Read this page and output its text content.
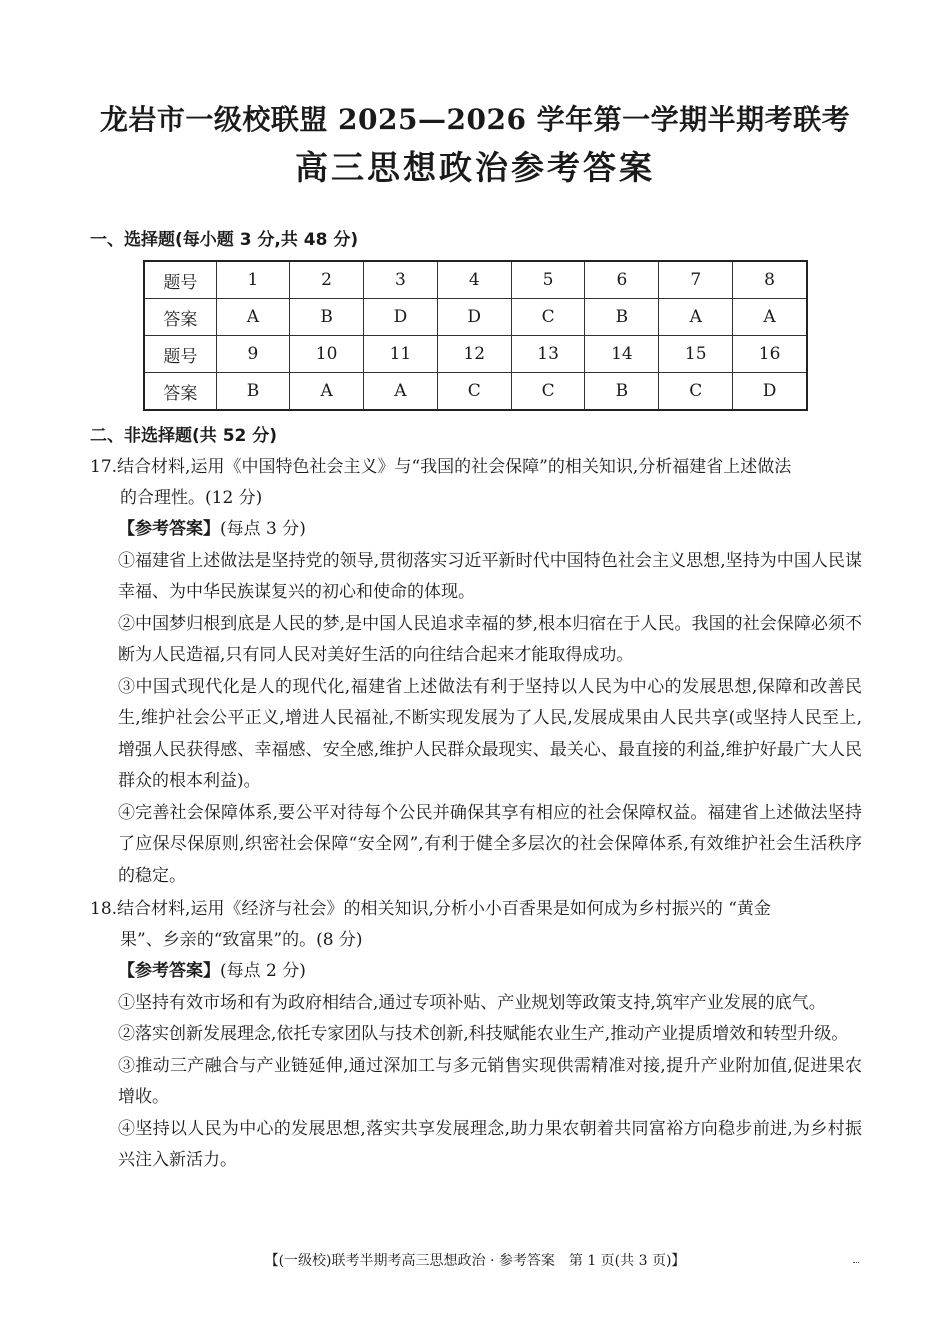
龙岩市一级校联盟 2025—2026 学年第一学期半期考联考
高三思想政治参考答案
一、选择题(每小题 3 分,共 48 分)
题号	1	2	3	4	5	6	7	8
答案	A	B	D	D	C	B	A	A
题号	9	10	11	12	13	14	15	16
答案	B	A	A	C	C	B	C	D
二、非选择题(共 52 分)
17.结合材料,运用《中国特色社会主义》与“我国的社会保障”的相关知识,分析福建省上述做法
的合理性。(12 分)
【参考答案】(每点 3 分)
①福建省上述做法是坚持党的领导,贯彻落实习近平新时代中国特色社会主义思想,坚持为中国人民谋幸福、为中华民族谋复兴的初心和使命的体现。
②中国梦归根到底是人民的梦,是中国人民追求幸福的梦,根本归宿在于人民。我国的社会保障必须不断为人民造福,只有同人民对美好生活的向往结合起来才能取得成功。
③中国式现代化是人的现代化,福建省上述做法有利于坚持以人民为中心的发展思想,保障和改善民生,维护社会公平正义,增进人民福祉,不断实现发展为了人民,发展成果由人民共享(或坚持人民至上,增强人民获得感、幸福感、安全感,维护人民群众最现实、最关心、最直接的利益,维护好最广大人民群众的根本利益)。
④完善社会保障体系,要公平对待每个公民并确保其享有相应的社会保障权益。福建省上述做法坚持了应保尽保原则,织密社会保障“安全网”,有利于健全多层次的社会保障体系,有效维护社会生活秩序的稳定。
18.结合材料,运用《经济与社会》的相关知识,分析小小百香果是如何成为乡村振兴的 “黄金
果”、乡亲的“致富果”的。(8 分)
【参考答案】(每点 2 分)
①坚持有效市场和有为政府相结合,通过专项补贴、产业规划等政策支持,筑牢产业发展的底气。
②落实创新发展理念,依托专家团队与技术创新,科技赋能农业生产,推动产业提质增效和转型升级。
③推动三产融合与产业链延伸,通过深加工与多元销售实现供需精准对接,提升产业附加值,促进果农增收。
④坚持以人民为中心的发展思想,落实共享发展理念,助力果农朝着共同富裕方向稳步前进,为乡村振兴注入新活力。
【(一级校)联考半期考高三思想政治 · 参考答案　第 1 页(共 3 页)】
